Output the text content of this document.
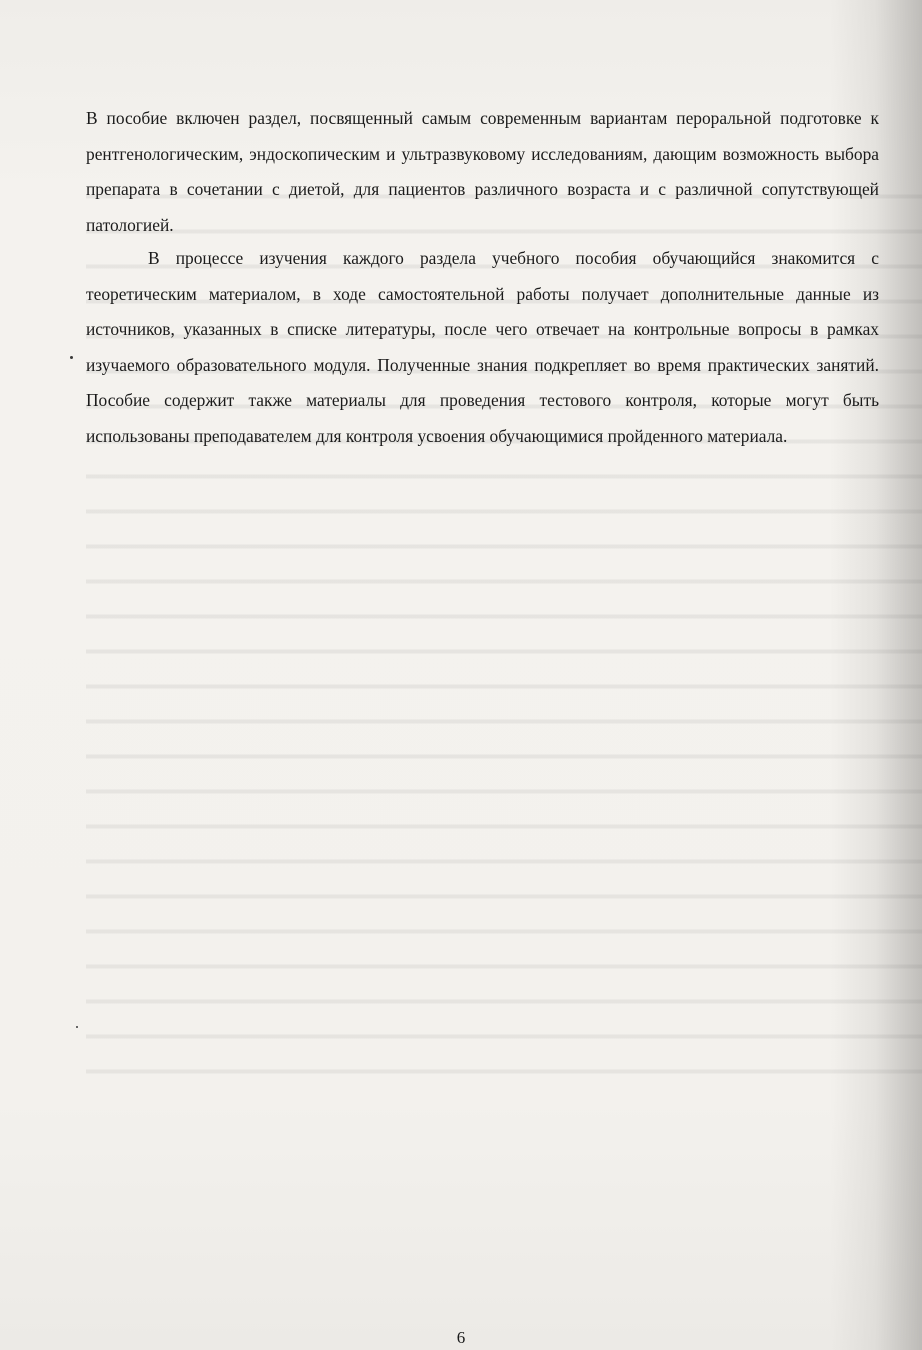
В пособие включен раздел, посвященный самым современным вариантам пероральной подготовке к рентгенологическим, эндоскопическим и ультразвуковому исследованиям, дающим возможность выбора препарата в сочетании с диетой, для пациентов различного возраста и с различной сопутствующей патологией.

В процессе изучения каждого раздела учебного пособия обучающийся знакомится с теоретическим материалом, в ходе самостоятельной работы получает дополнительные данные из источников, указанных в списке литературы, после чего отвечает на контрольные вопросы в рамках изучаемого образовательного модуля. Полученные знания подкрепляет во время практических занятий. Пособие содержит также материалы для проведения тестового контроля, которые могут быть использованы преподавателем для контроля усвоения обучающимися пройденного материала.

6
